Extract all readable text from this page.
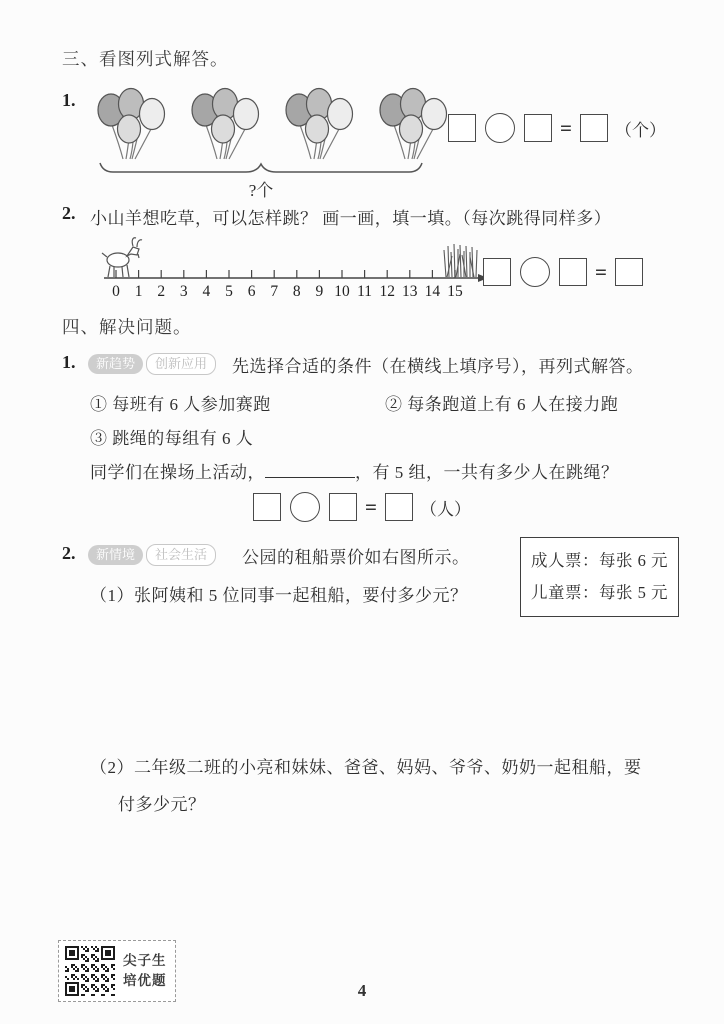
三、看图列式解答。
1.
?个
=	（个）
2. 小山羊想吃草，可以怎样跳？ 画一画，填一填。（每次跳得同样多）
0 1 2 3 4 5 6 7 8 9 10 11 12 13 14 15
=
四、解决问题。
1.	新趋势	创新应用	先选择合适的条件（在横线上填序号），再列式解答。
① 每班有 6 人参加赛跑	② 每条跑道上有 6 人在接力跑
③ 跳绳的每组有 6 人
同学们在操场上活动，	，有 5 组，一共有多少人在跳绳？
=	（人）
2.	新情境	社会生活	公园的租船票价如右图所示。	成人票：每张 6 元
儿童票：每张 5 元
（1）张阿姨和 5 位同事一起租船，要付多少元？
（2）二年级二班的小亮和妹妹、爸爸、妈妈、爷爷、奶奶一起租船，要
付多少元？
尖子生
培优题
4
